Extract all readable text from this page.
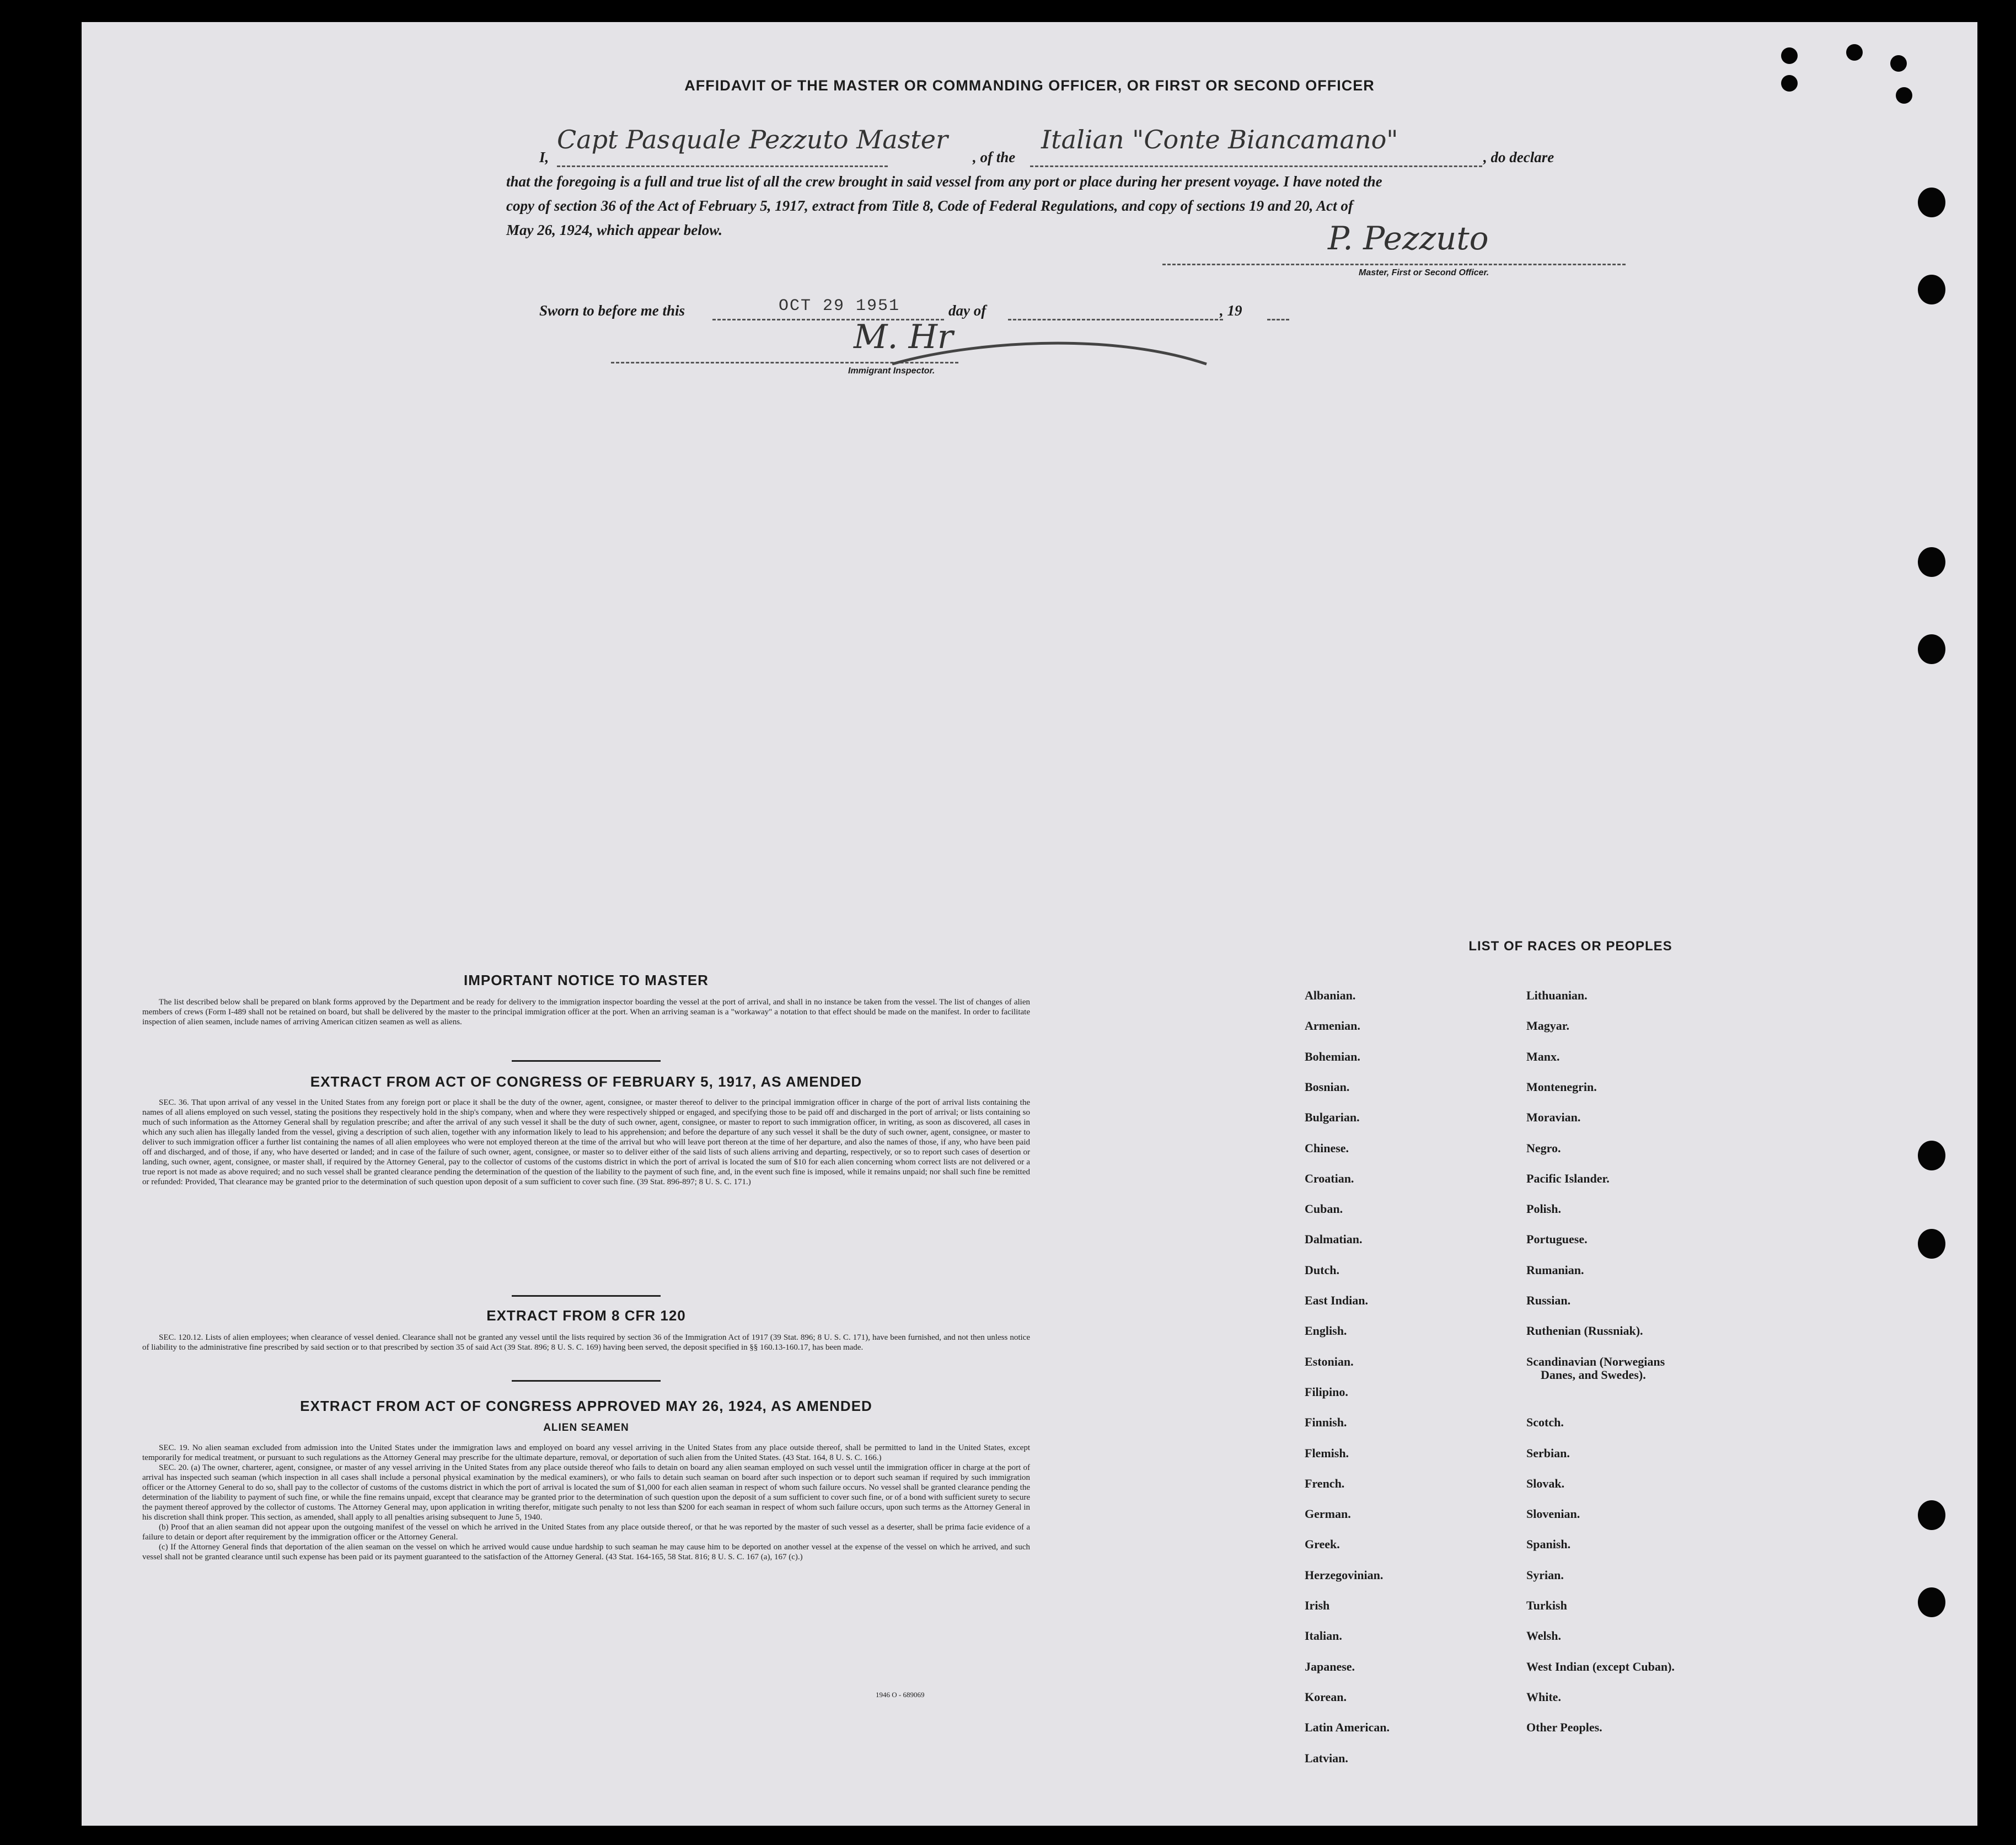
AFFIDAVIT OF THE MASTER OR COMMANDING OFFICER, OR FIRST OR SECOND OFFICER
I,
Capt Pasquale Pezzuto Master
, of the
Italian "Conte Biancamano"
, do declare
that the foregoing is a full and true list of all the crew brought in said vessel from any port or place during her present voyage. I have noted the
copy of section 36 of the Act of February 5, 1917, extract from Title 8, Code of Federal Regulations, and copy of sections 19 and 20, Act of
May 26, 1924, which appear below.	P. Pezzuto
Master, First or Second Officer.
Sworn to before me this	OCT 29 1951	day of	, 19
M. Hr
Immigrant Inspector.
IMPORTANT NOTICE TO MASTER

The list described below shall be prepared on blank forms approved by the Department and be ready for delivery to the immigration inspector boarding the vessel at the port of arrival, and shall in no instance be taken from the vessel. The list of changes of alien members of crews (Form I-489 shall not be retained on board, but shall be delivered by the master to the principal immigration officer at the port. When an arriving seaman is a "workaway" a notation to that effect should be made on the manifest. In order to facilitate inspection of alien seamen, include names of arriving American citizen seamen as well as aliens.

EXTRACT FROM ACT OF CONGRESS OF FEBRUARY 5, 1917, AS AMENDED

SEC. 36. That upon arrival of any vessel in the United States from any foreign port or place it shall be the duty of the owner, agent, consignee, or master thereof to deliver to the principal immigration officer in charge of the port of arrival lists containing the names of all aliens employed on such vessel, stating the positions they respectively hold in the ship's company, when and where they were respectively shipped or engaged, and specifying those to be paid off and discharged in the port of arrival; or lists containing so much of such information as the Attorney General shall by regulation prescribe; and after the arrival of any such vessel it shall be the duty of such owner, agent, consignee, or master to report to such immigration officer, in writing, as soon as discovered, all cases in which any such alien has illegally landed from the vessel, giving a description of such alien, together with any information likely to lead to his apprehension; and before the departure of any such vessel it shall be the duty of such owner, agent, consignee, or master to deliver to such immigration officer a further list containing the names of all alien employees who were not employed thereon at the time of the arrival but who will leave port thereon at the time of her departure, and also the names of those, if any, who have been paid off and discharged, and of those, if any, who have deserted or landed; and in case of the failure of such owner, agent, consignee, or master so to deliver either of the said lists of such aliens arriving and departing, respectively, or so to report such cases of desertion or landing, such owner, agent, consignee, or master shall, if required by the Attorney General, pay to the collector of customs of the customs district in which the port of arrival is located the sum of $10 for each alien concerning whom correct lists are not delivered or a true report is not made as above required; and no such vessel shall be granted clearance pending the determination of the question of the liability to the payment of such fine, and, in the event such fine is imposed, while it remains unpaid; nor shall such fine be remitted or refunded: Provided, That clearance may be granted prior to the determination of such question upon deposit of a sum sufficient to cover such fine. (39 Stat. 896-897; 8 U. S. C. 171.)

EXTRACT FROM 8 CFR 120

SEC. 120.12. Lists of alien employees; when clearance of vessel denied. Clearance shall not be granted any vessel until the lists required by section 36 of the Immigration Act of 1917 (39 Stat. 896; 8 U. S. C. 171), have been furnished, and not then unless notice of liability to the administrative fine prescribed by said section or to that prescribed by section 35 of said Act (39 Stat. 896; 8 U. S. C. 169) having been served, the deposit specified in §§ 160.13-160.17, has been made.

EXTRACT FROM ACT OF CONGRESS APPROVED MAY 26, 1924, AS AMENDED
ALIEN SEAMEN

SEC. 19. No alien seaman excluded from admission into the United States under the immigration laws and employed on board any vessel arriving in the United States from any place outside thereof, shall be permitted to land in the United States, except temporarily for medical treatment, or pursuant to such regulations as the Attorney General may prescribe for the ultimate departure, removal, or deportation of such alien from the United States. (43 Stat. 164, 8 U. S. C. 166.)

SEC. 20. (a) The owner, charterer, agent, consignee, or master of any vessel arriving in the United States from any place outside thereof who fails to detain on board any alien seaman employed on such vessel until the immigration officer in charge at the port of arrival has inspected such seaman (which inspection in all cases shall include a personal physical examination by the medical examiners), or who fails to detain such seaman on board after such inspection or to deport such seaman if required by such immigration officer or the Attorney General to do so, shall pay to the collector of customs of the customs district in which the port of arrival is located the sum of $1,000 for each alien seaman in respect of whom such failure occurs. No vessel shall be granted clearance pending the determination of the liability to payment of such fine, or while the fine remains unpaid, except that clearance may be granted prior to the determination of such question upon the deposit of a sum sufficient to cover such fine, or of a bond with sufficient surety to secure the payment thereof approved by the collector of customs. The Attorney General may, upon application in writing therefor, mitigate such penalty to not less than $200 for each seaman in respect of whom such failure occurs, upon such terms as the Attorney General in his discretion shall think proper. This section, as amended, shall apply to all penalties arising subsequent to June 5, 1940.

(b) Proof that an alien seaman did not appear upon the outgoing manifest of the vessel on which he arrived in the United States from any place outside thereof, or that he was reported by the master of such vessel as a deserter, shall be prima facie evidence of a failure to detain or deport after requirement by the immigration officer or the Attorney General.

(c) If the Attorney General finds that deportation of the alien seaman on the vessel on which he arrived would cause undue hardship to such seaman he may cause him to be deported on another vessel at the expense of the vessel on which he arrived, and such vessel shall not be granted clearance until such expense has been paid or its payment guaranteed to the satisfaction of the Attorney General. (43 Stat. 164-165, 58 Stat. 816; 8 U. S. C. 167 (a), 167 (c).)

1946 O - 689069
LIST OF RACES OR PEOPLES
Albanian.
Armenian.
Bohemian.
Bosnian.
Bulgarian.
Chinese.
Croatian.
Cuban.
Dalmatian.
Dutch.
East Indian.
English.
Estonian.
Filipino.
Finnish.
Flemish.
French.
German.
Greek.
Herzegovinian.
Irish
Italian.
Japanese.
Korean.
Latin American.
Latvian.
Lithuanian.
Magyar.
Manx.
Montenegrin.
Moravian.
Negro.
Pacific Islander.
Polish.
Portuguese.
Rumanian.
Russian.
Ruthenian (Russniak).
Scandinavian (Norwegians
Danes, and Swedes).
Scotch.
Serbian.
Slovak.
Slovenian.
Spanish.
Syrian.
Turkish
Welsh.
West Indian (except Cuban).
White.
Other Peoples.
